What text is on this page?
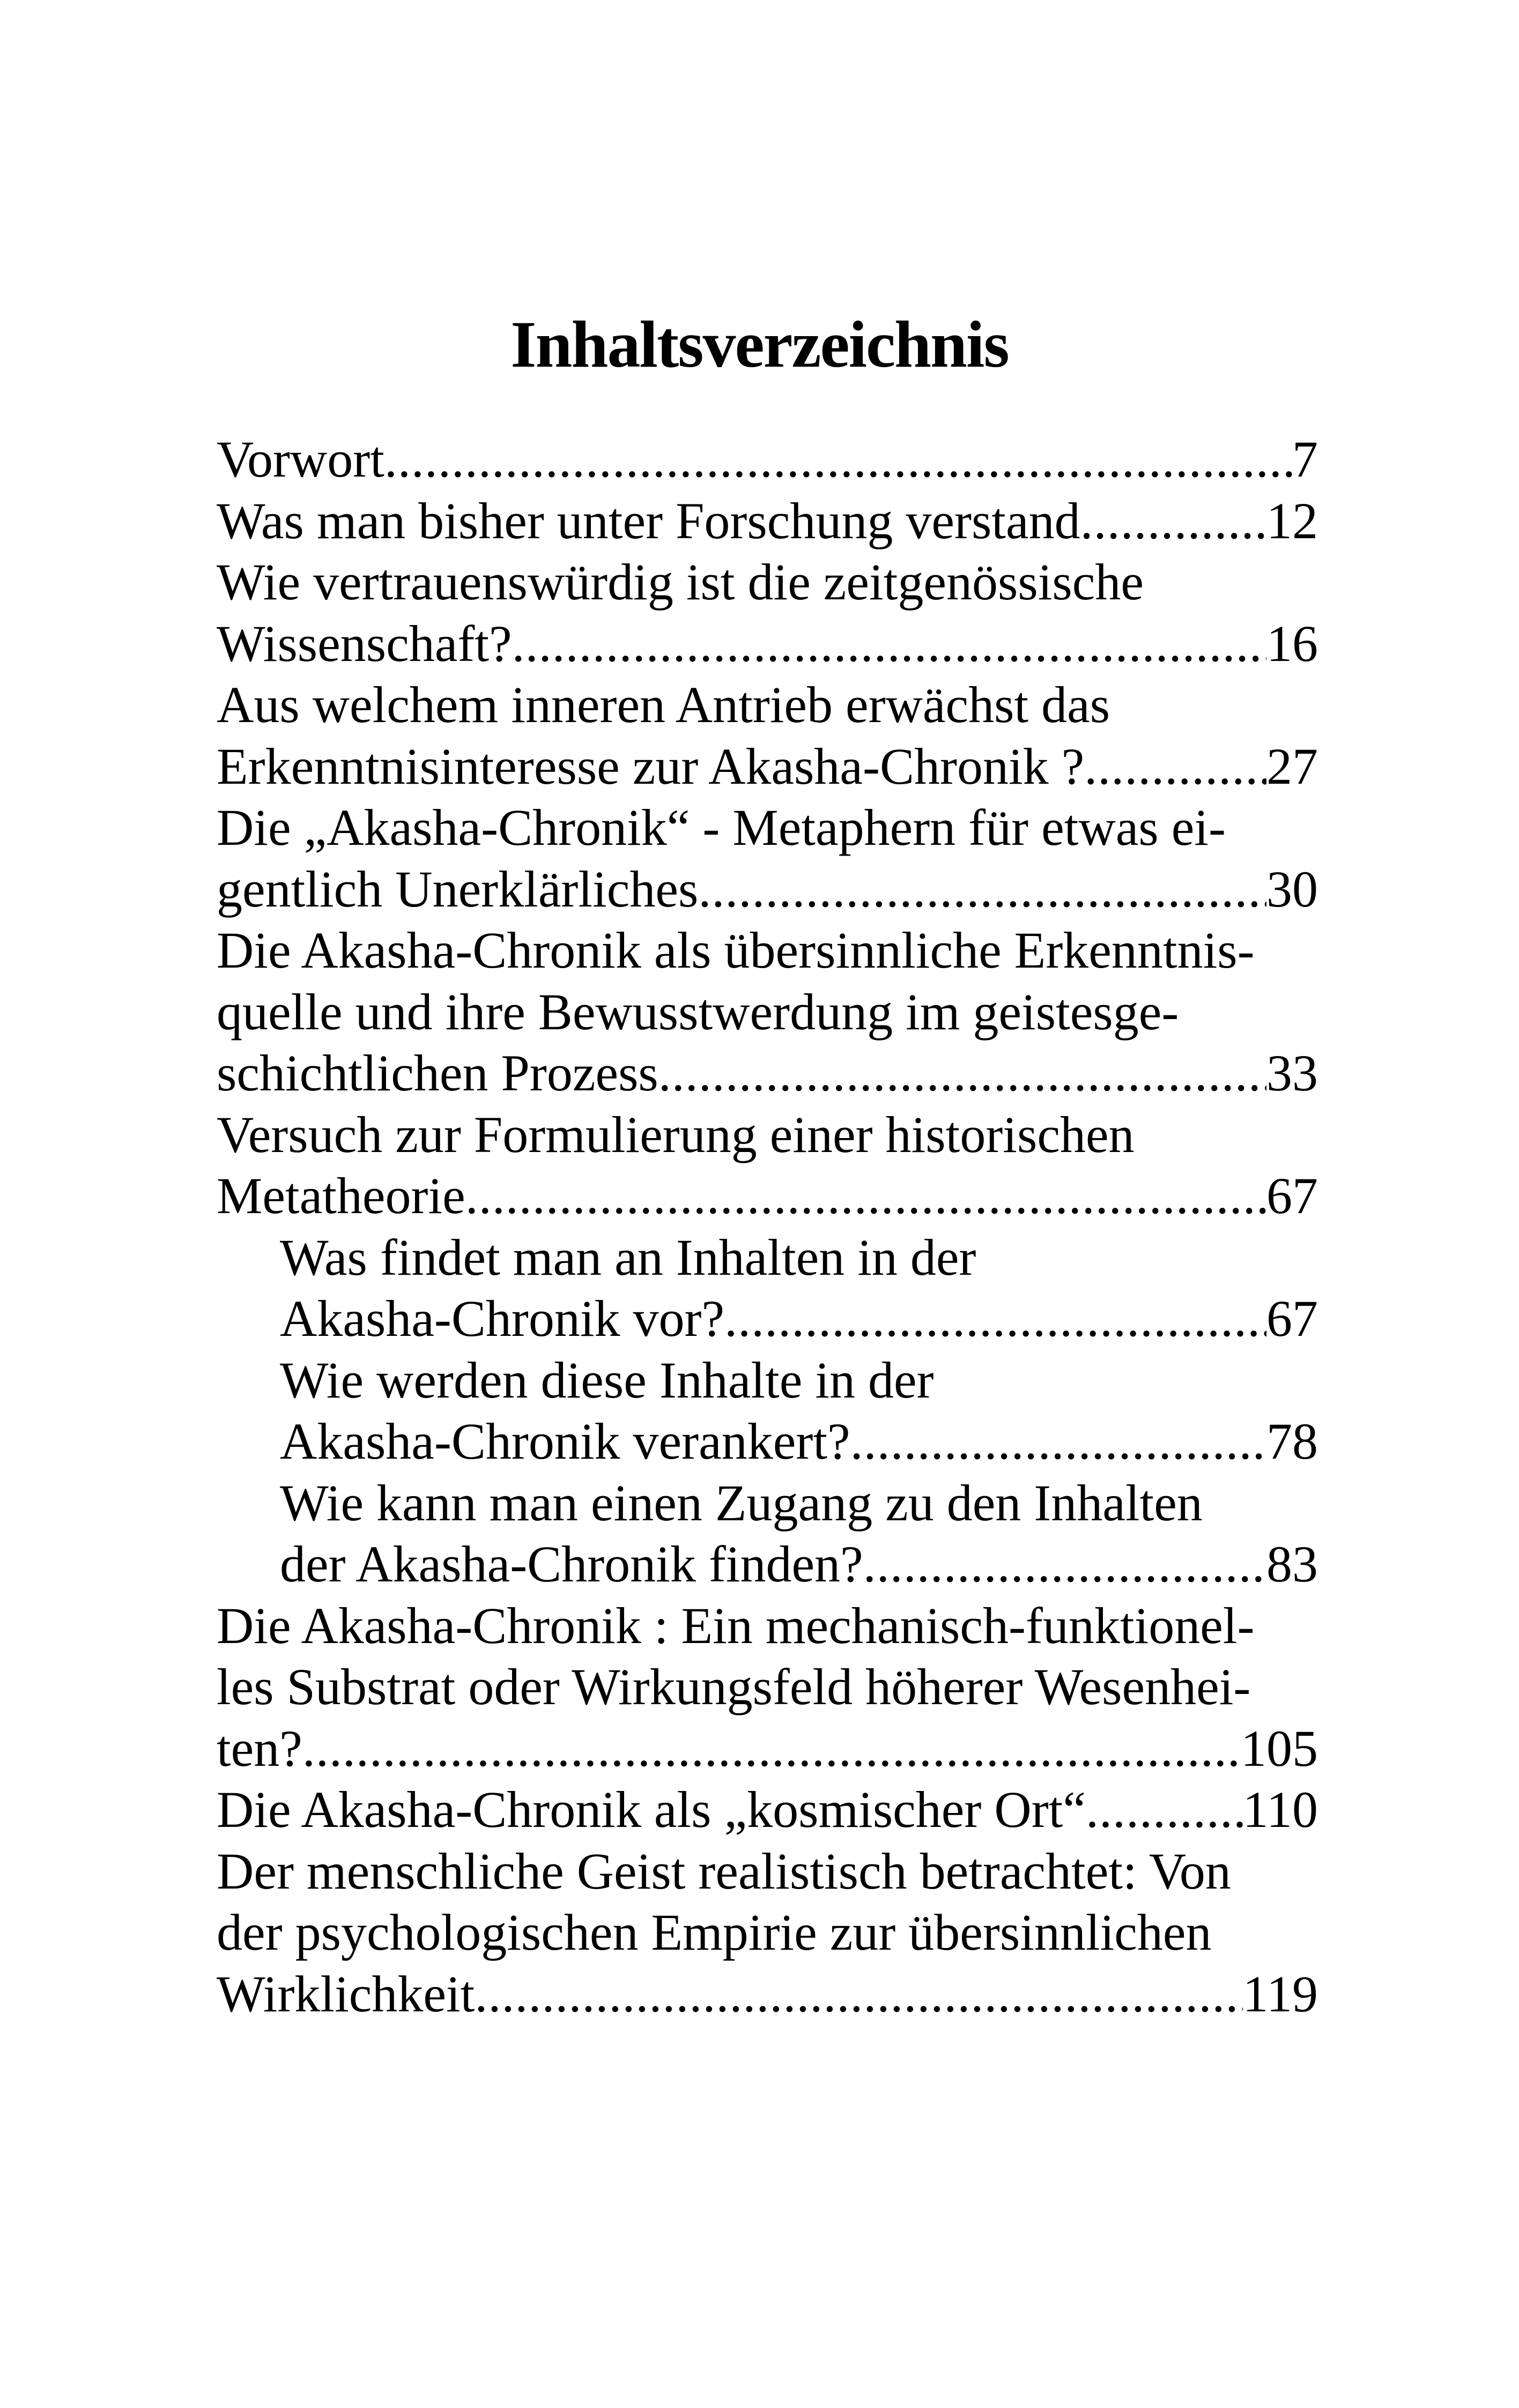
Inhaltsverzeichnis
Vorwort .....	7
Was man bisher unter Forschung verstand .....	12
Wie vertrauenswürdig ist die zeitgenössische
Wissenschaft? .....	16
Aus welchem inneren Antrieb erwächst das
Erkenntnisinteresse zur Akasha-Chronik ? .....	27
Die „Akasha-Chronik“ - Metaphern für etwas ei-
gentlich Unerklärliches .....	30
Die Akasha-Chronik als übersinnliche Erkenntnis-
quelle und ihre Bewusstwerdung im geistesge-
schichtlichen Prozess .....	33
Versuch zur Formulierung einer historischen
Metatheorie .....	67
Was findet man an Inhalten in der
Akasha-Chronik vor? .....	67
Wie werden diese Inhalte in der
Akasha-Chronik verankert? .....	78
Wie kann man einen Zugang zu den Inhalten
der Akasha-Chronik finden? .....	83
Die Akasha-Chronik : Ein mechanisch-funktionel-
les Substrat oder Wirkungsfeld höherer Wesenhei-
ten? .....	105
Die Akasha-Chronik als „kosmischer Ort“ .....	110
Der menschliche Geist realistisch betrachtet: Von
der psychologischen Empirie zur übersinnlichen
Wirklichkeit .....	119
